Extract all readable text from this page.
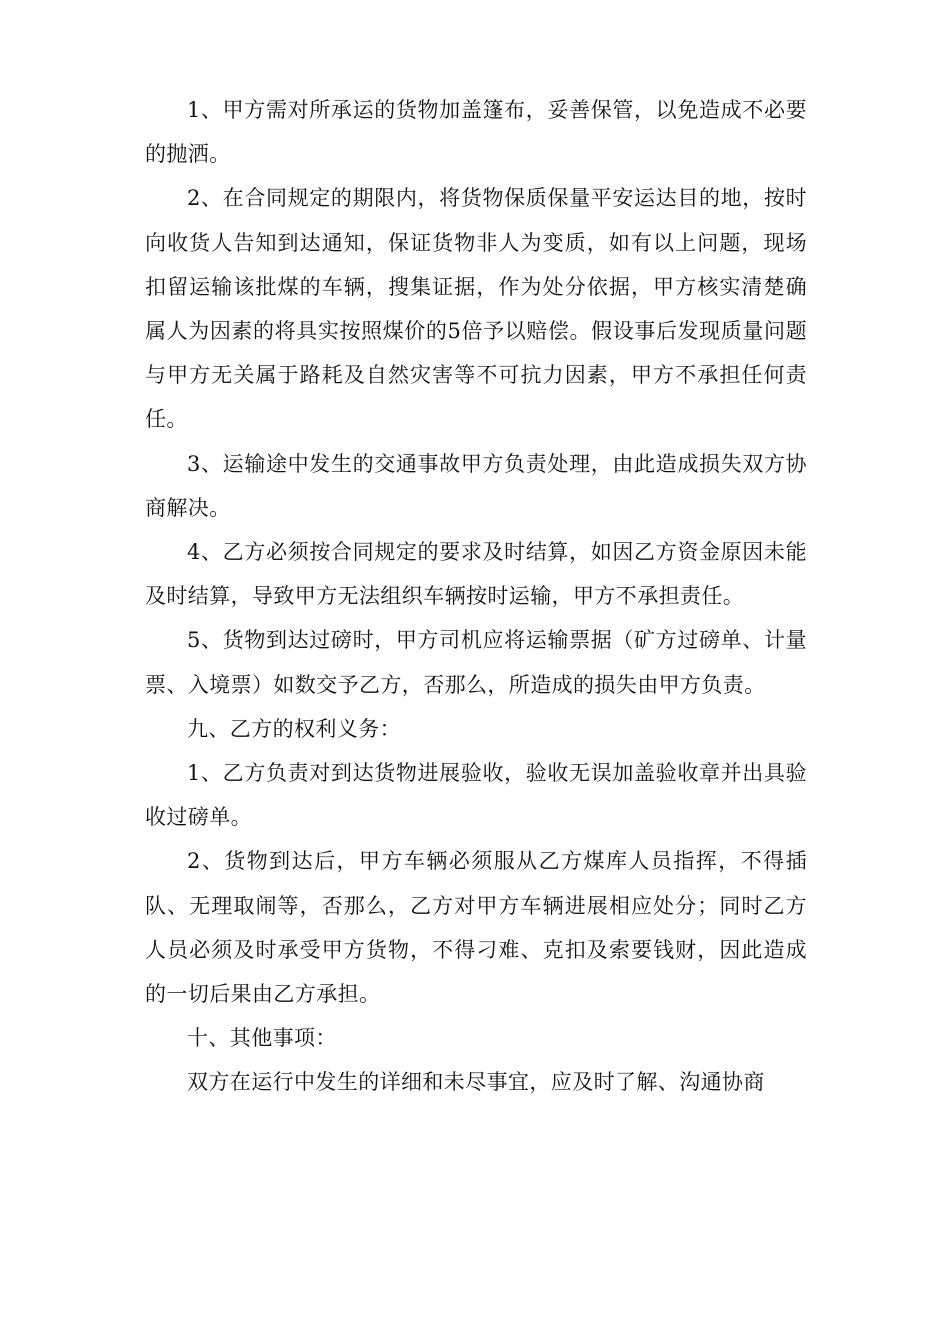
1、甲方需对所承运的货物加盖篷布，妥善保管，以免造成不必要的抛洒。

2、在合同规定的期限内，将货物保质保量平安运达目的地，按时向收货人告知到达通知，保证货物非人为变质，如有以上问题，现场扣留运输该批煤的车辆，搜集证据，作为处分依据，甲方核实清楚确属人为因素的将具实按照煤价的5倍予以赔偿。假设事后发现质量问题与甲方无关属于路耗及自然灾害等不可抗力因素，甲方不承担任何责任。

3、运输途中发生的交通事故甲方负责处理，由此造成损失双方协商解决。

4、乙方必须按合同规定的要求及时结算，如因乙方资金原因未能及时结算，导致甲方无法组织车辆按时运输，甲方不承担责任。

5、货物到达过磅时，甲方司机应将运输票据（矿方过磅单、计量票、入境票）如数交予乙方，否那么，所造成的损失由甲方负责。

九、乙方的权利义务：

1、乙方负责对到达货物进展验收，验收无误加盖验收章并出具验收过磅单。

2、货物到达后，甲方车辆必须服从乙方煤库人员指挥，不得插队、无理取闹等，否那么，乙方对甲方车辆进展相应处分；同时乙方人员必须及时承受甲方货物，不得刁难、克扣及索要钱财，因此造成的一切后果由乙方承担。

十、其他事项：

双方在运行中发生的详细和未尽事宜，应及时了解、沟通协商
